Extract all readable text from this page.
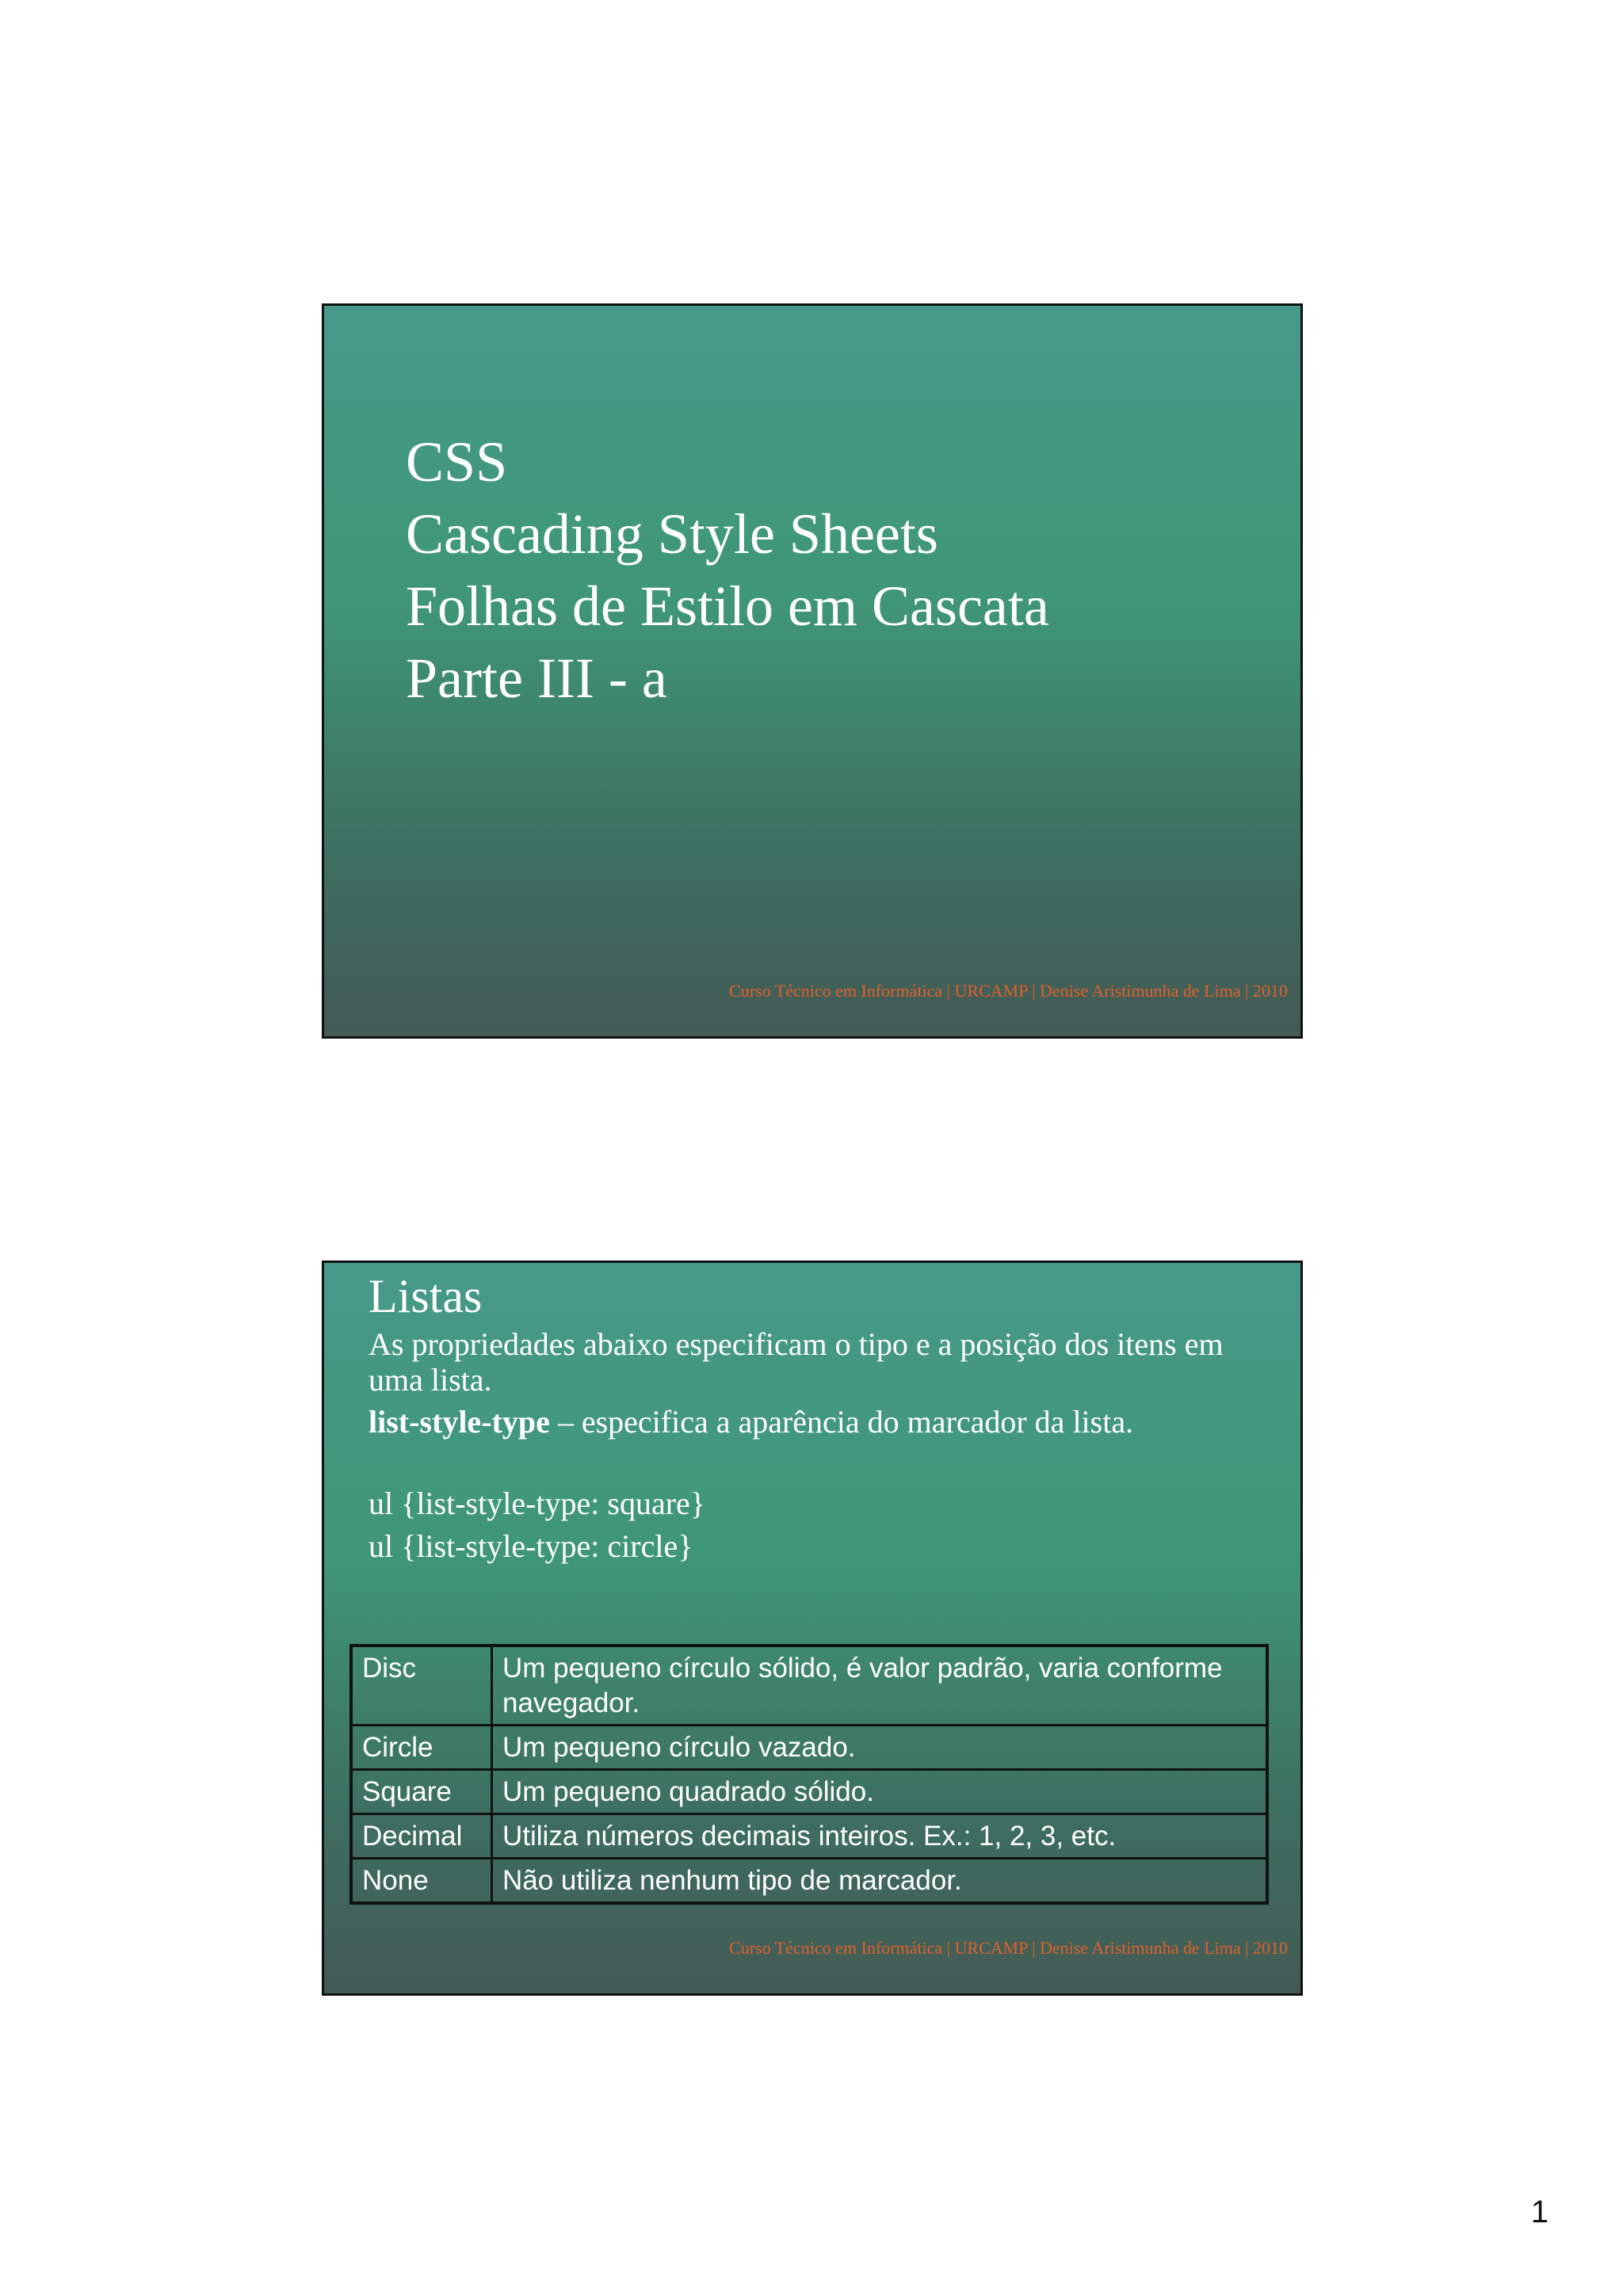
CSS
Cascading Style Sheets
Folhas de Estilo em Cascata
Parte III - a
Curso Técnico em Informática | URCAMP | Denise Aristimunha de Lima | 2010
Listas

As propriedades abaixo especificam o tipo e a posição dos itens em uma lista.

list-style-type – especifica a aparência do marcador da lista.

ul {list-style-type: square}
ul {list-style-type: circle}
Disc	Um pequeno círculo sólido, é valor padrão, varia conforme navegador.
Circle	Um pequeno círculo vazado.
Square	Um pequeno quadrado sólido.
Decimal	Utiliza números decimais inteiros. Ex.: 1, 2, 3, etc.
None	Não utiliza nenhum tipo de marcador.
Curso Técnico em Informática | URCAMP | Denise Aristimunha de Lima | 2010
1
